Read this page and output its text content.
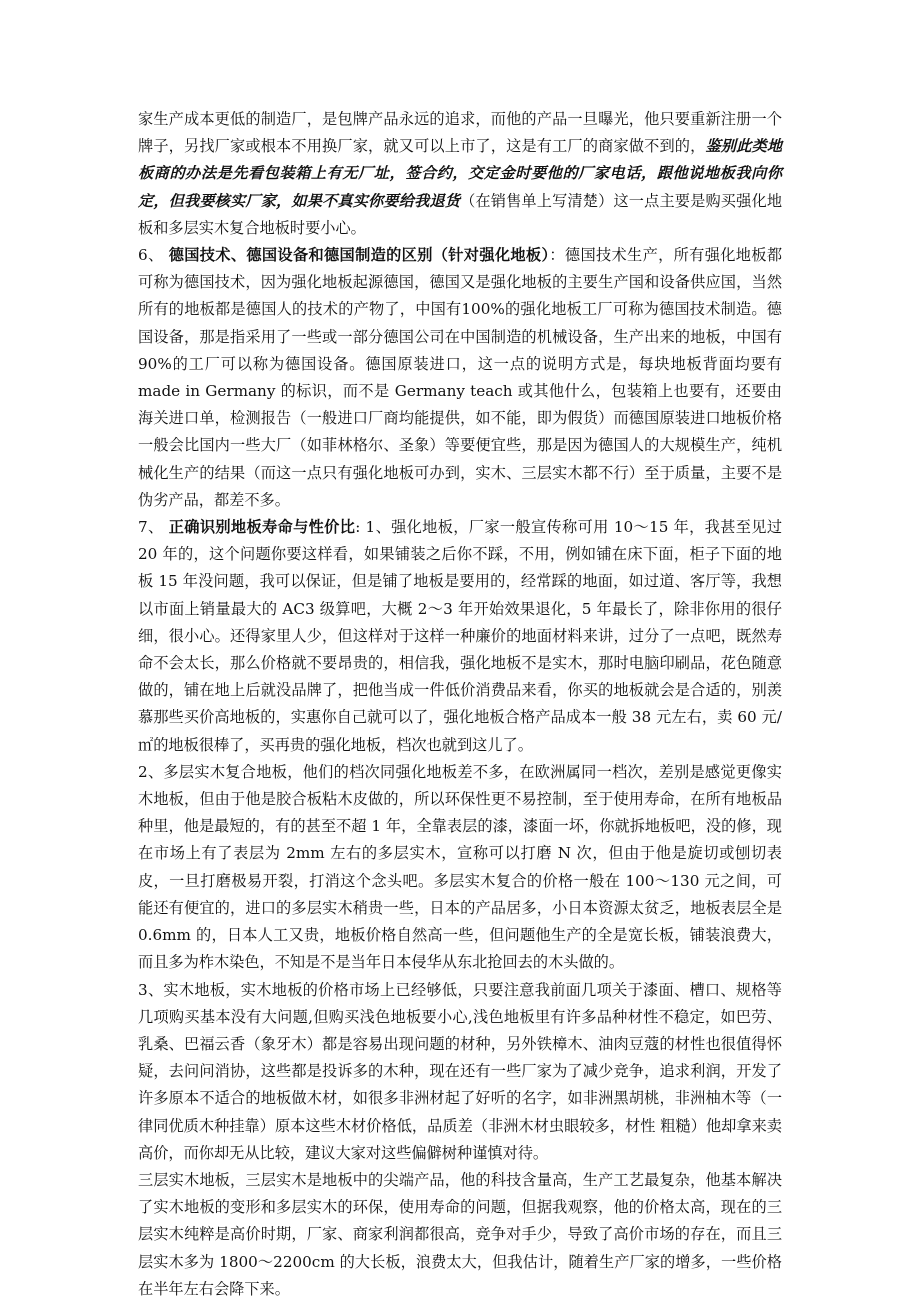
家生产成本更低的制造厂，是包牌产品永远的追求，而他的产品一旦曝光，他只要重新注册一个牌子，另找厂家或根本不用换厂家，就又可以上市了，这是有工厂的商家做不到的，鉴别此类地板商的办法是先看包装箱上有无厂址，签合约，交定金时要他的厂家电话，跟他说地板我向你定，但我要核实厂家，如果不真实你要给我退货（在销售单上写清楚）这一点主要是购买强化地板和多层实木复合地板时要小心。

6、 德国技术、德国设备和德国制造的区别（针对强化地板）：德国技术生产，所有强化地板都可称为德国技术，因为强化地板起源德国，德国又是强化地板的主要生产国和设备供应国，当然所有的地板都是德国人的技术的产物了，中国有100%的强化地板工厂可称为德国技术制造。德国设备，那是指采用了一些或一部分德国公司在中国制造的机械设备，生产出来的地板，中国有90%的工厂可以称为德国设备。德国原装进口，这一点的说明方式是，每块地板背面均要有 made in Germany 的标识，而不是 Germany teach 或其他什么，包装箱上也要有，还要由海关进口单，检测报告（一般进口厂商均能提供，如不能，即为假货）而德国原装进口地板价格一般会比国内一些大厂（如菲林格尔、圣象）等要便宜些，那是因为德国人的大规模生产，纯机械化生产的结果（而这一点只有强化地板可办到，实木、三层实木都不行）至于质量，主要不是伪劣产品，都差不多。

7、 正确识别地板寿命与性价比: 1、强化地板，厂家一般宣传称可用 10～15 年，我甚至见过 20 年的，这个问题你要这样看，如果铺装之后你不踩，不用，例如铺在床下面，柜子下面的地板 15 年没问题，我可以保证，但是铺了地板是要用的，经常踩的地面，如过道、客厅等，我想以市面上销量最大的 AC3 级算吧，大概 2～3 年开始效果退化，5 年最长了，除非你用的很仔细，很小心。还得家里人少，但这样对于这样一种廉价的地面材料来讲，过分了一点吧，既然寿命不会太长，那么价格就不要昂贵的，相信我，强化地板不是实木，那时电脑印刷品，花色随意做的，铺在地上后就没品牌了，把他当成一件低价消费品来看，你买的地板就会是合适的，别羡慕那些买价高地板的，实惠你自己就可以了，强化地板合格产品成本一般 38 元左右，卖 60 元/㎡的地板很棒了，买再贵的强化地板，档次也就到这儿了。

2、多层实木复合地板，他们的档次同强化地板差不多，在欧洲属同一档次，差别是感觉更像实木地板，但由于他是胶合板粘木皮做的，所以环保性更不易控制，至于使用寿命，在所有地板品种里，他是最短的，有的甚至不超 1 年，全靠表层的漆，漆面一坏，你就拆地板吧，没的修，现在市场上有了表层为 2mm 左右的多层实木，宣称可以打磨 N 次，但由于他是旋切或刨切表皮，一旦打磨极易开裂，打消这个念头吧。多层实木复合的价格一般在 100～130 元之间，可能还有便宜的，进口的多层实木稍贵一些，日本的产品居多，小日本资源太贫乏，地板表层全是 0.6mm 的，日本人工又贵，地板价格自然高一些，但问题他生产的全是宽长板，铺装浪费大，而且多为柞木染色，不知是不是当年日本侵华从东北抢回去的木头做的。

3、实木地板，实木地板的价格市场上已经够低，只要注意我前面几项关于漆面、槽口、规格等几项购买基本没有大问题,但购买浅色地板要小心,浅色地板里有许多品种材性不稳定，如巴劳、乳桑、巴福云香（象牙木）都是容易出现问题的材种，另外铁樟木、油肉豆蔻的材性也很值得怀疑，去问问消协，这些都是投诉多的木种，现在还有一些厂家为了减少竞争，追求利润，开发了许多原本不适合的地板做木材，如很多非洲材起了好听的名字，如非洲黑胡桃，非洲柚木等（一律同优质木种挂靠）原本这些木材价格低，品质差（非洲木材虫眼较多，材性 粗糙）他却拿来卖高价，而你却无从比较，建议大家对这些偏僻树种谨慎对待。

三层实木地板，三层实木是地板中的尖端产品，他的科技含量高，生产工艺最复杂，他基本解决了实木地板的变形和多层实木的环保，使用寿命的问题，但据我观察，他的价格太高，现在的三层实木纯粹是高价时期，厂家、商家利润都很高，竞争对手少，导致了高价市场的存在，而且三层实木多为 1800～2200cm 的大长板，浪费太大，但我估计，随着生产厂家的增多，一些价格在半年左右会降下来。
